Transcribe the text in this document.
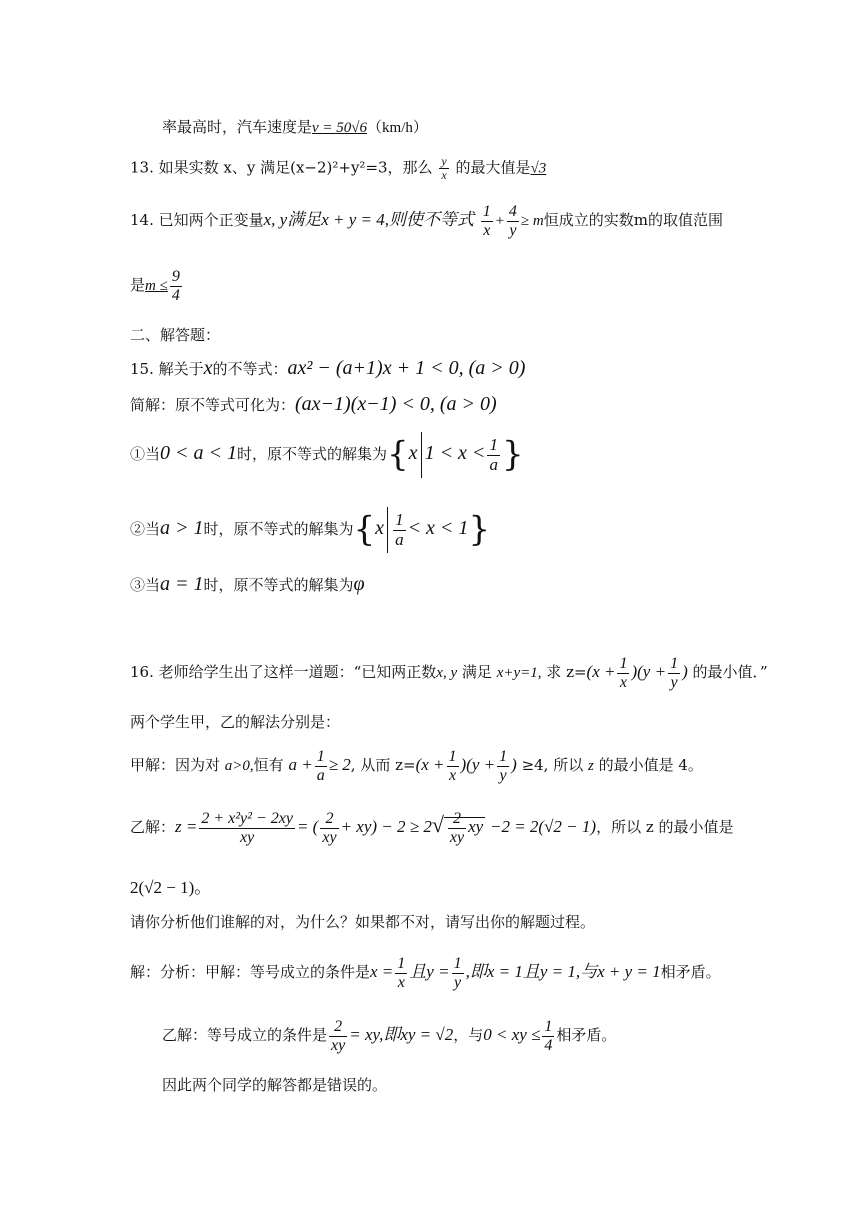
率最高时，汽车速度是v = 50√6（km/h）
13. 如果实数 x、y 满足(x−2)²+y²=3，那么 $\frac{y}{x}$ 的最大值是√3
14. 已知两个正变量x, y满足x + y = 4,则使不等式 $\frac{1}{x} + \frac{4}{y} \ge m$恒成立的实数m的取值范围
是$m \le \frac{9}{4}$
二、解答题：
15. 解关于x的不等式：ax² − (a+1)x + 1 < 0, (a > 0)
简解：原不等式可化为：(ax−1)(x−1) < 0, (a > 0)
①当0 < a < 1时，原不等式的解集为{x $1 < x < \frac{1}{a}$ }
②当a > 1时，原不等式的解集为$\{x \frac{1}{a} < x < 1\}$
③当a = 1时，原不等式的解集为φ
16. 老师给学生出了这样一道题：“已知两正数x, y 满足 x+y=1, 求 $z=(x + \frac{1}{x} )(y + \frac{1}{y}$ ) 的最小值．”
两个学生甲，乙的解法分别是：
甲解：因为对 a>0,恒有 $a + \frac{1}{a} \ge 2$, 从而 $z=(x + \frac{1}{x} )(y + \frac{1}{y}$ ) ≥4, 所以 z 的最小值是 4。
乙解：$z = \frac{\text{2 + x²y² − 2xy}}{xy}$ = ( $\frac{2}{xy} + xy) - 2 \ge 2√ \frac{2}{xy}$ xy −2 = 2(√2 − 1)，所以 z 的最小值是
2(√2 − 1)。
请你分析他们谁解的对，为什么？如果都不对，请写出你的解题过程。
解：分析：甲解：等号成立的条件是$x = \frac{1}{x}$ 且$y = \frac{1}{y}$ ,即x = 1且y = 1,与x + y = 1相矛盾。
乙解：等号成立的条件是 $\frac{2}{xy}$ = xy,即xy = √2，与0 < xy ≤ $\frac{1}{4}$ 相矛盾。
因此两个同学的解答都是错误的。
